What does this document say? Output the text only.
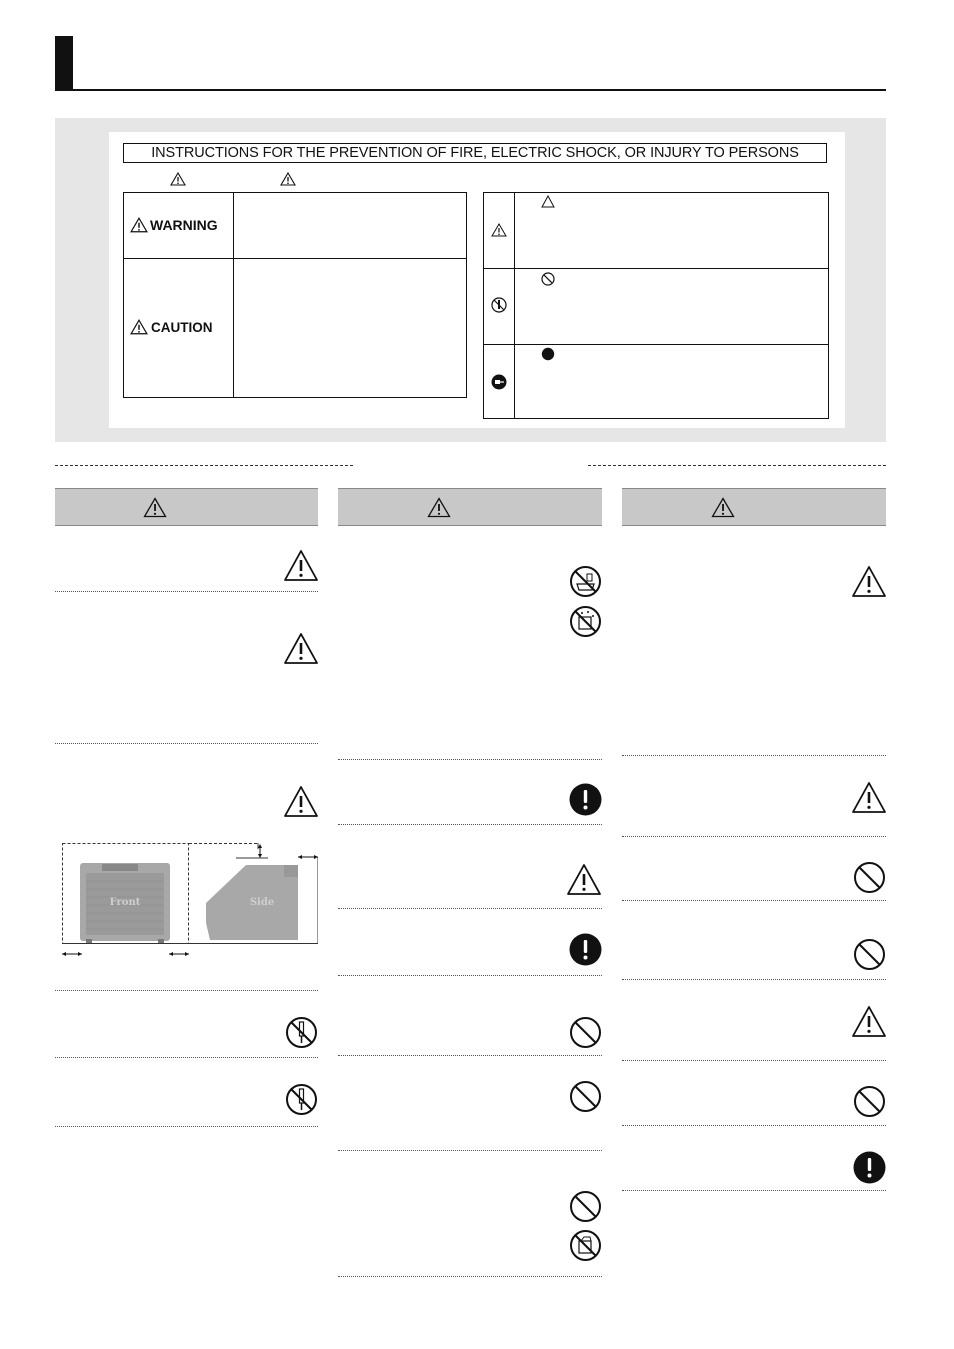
INSTRUCTIONS FOR THE PREVENTION OF FIRE, ELECTRIC SHOCK, OR INJURY TO PERSONS
WARNING
CAUTION
Front	Side
